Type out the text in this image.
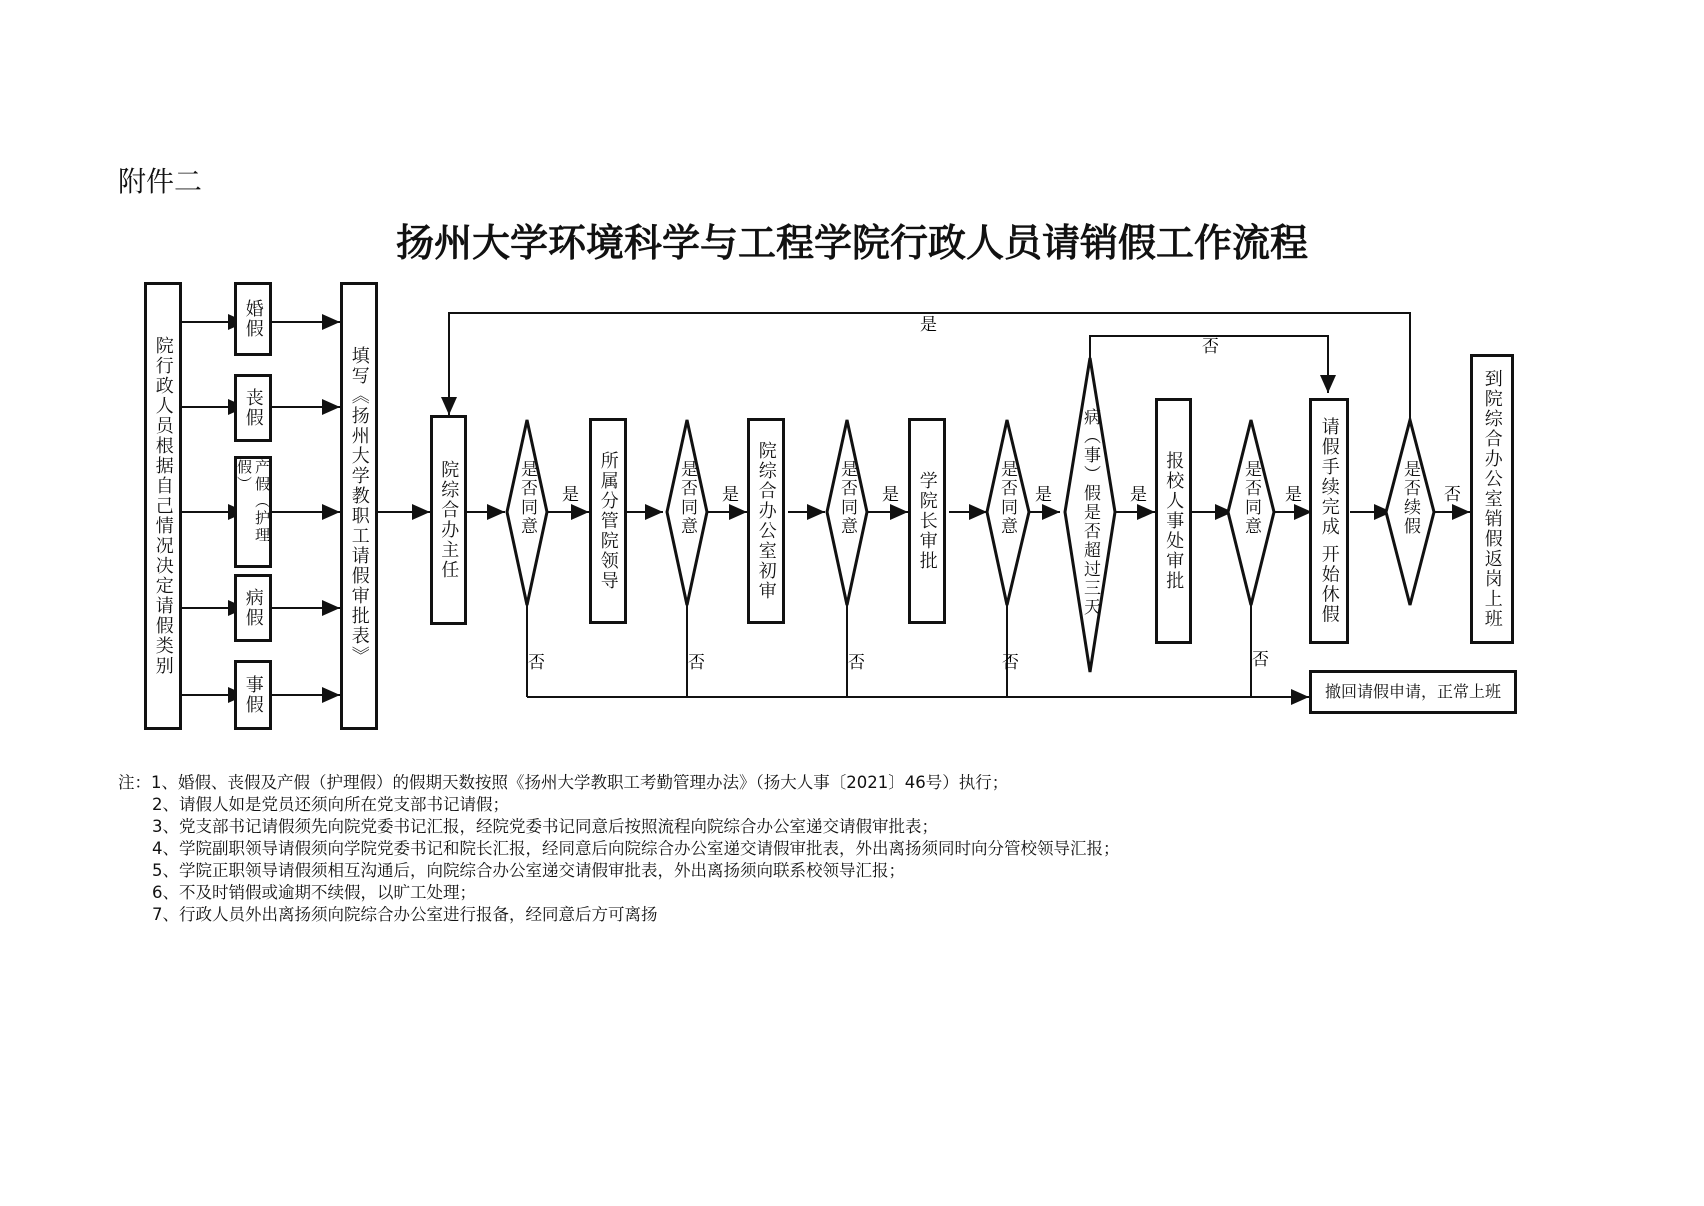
附件二
扬州大学环境科学与工程学院行政人员请销假工作流程
是
否
是	是	是	是	是	是	否
否	否	否	否	否
院行政人员根据自己情况决定请假类别
婚假
丧假
产假（护理假）
病假
事假
填写《扬州大学教职工请假审批表》	院综合办主任	所属分管院领导	院综合办公室初审	学院长审批	报校人事处审批	请假手续完成 开始休假	到院综合办公室销假返岗上班
撤回请假申请，正常上班
是否同意	是否同意	是否同意	是否同意	病（事）假是否超过三天	是否同意	是否续假
注：1、婚假、丧假及产假（护理假）的假期天数按照《扬州大学教职工考勤管理办法》（扬大人事〔2021〕46号）执行；
2、请假人如是党员还须向所在党支部书记请假；
3、党支部书记请假须先向院党委书记汇报，经院党委书记同意后按照流程向院综合办公室递交请假审批表；
4、学院副职领导请假须向学院党委书记和院长汇报，经同意后向院综合办公室递交请假审批表，外出离扬须同时向分管校领导汇报；
5、学院正职领导请假须相互沟通后，向院综合办公室递交请假审批表，外出离扬须向联系校领导汇报；
6、不及时销假或逾期不续假，以旷工处理；
7、行政人员外出离扬须向院综合办公室进行报备，经同意后方可离扬
